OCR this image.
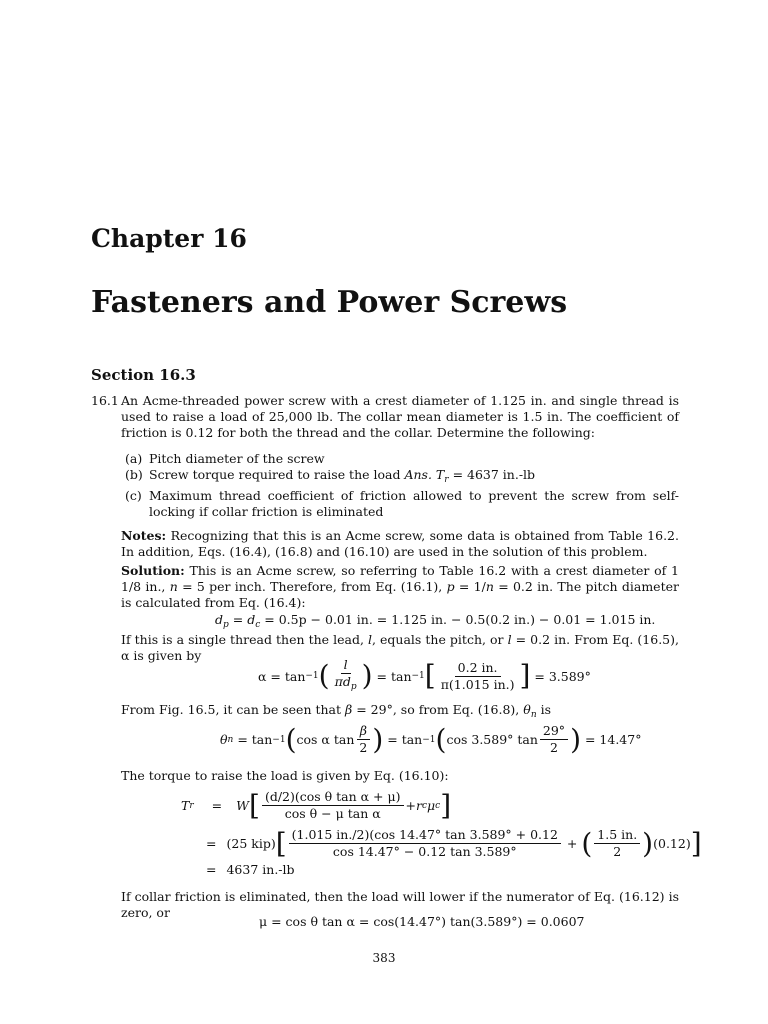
Chapter 16
Fasteners and Power Screws
Section 16.3
16.1 An Acme-threaded power screw with a crest diameter of 1.125 in. and single thread is used to raise a load of 25,000 lb. The collar mean diameter is 1.5 in. The coefficient of friction is 0.12 for both the thread and the collar. Determine the following:
(a) Pitch diameter of the screw
(b) Screw torque required to raise the load Ans. $T_r = 4637$ in.-lb
(c) Maximum thread coefficient of friction allowed to prevent the screw from self-locking if collar friction is eliminated
Notes: Recognizing that this is an Acme screw, some data is obtained from Table 16.2. In addition, Eqs. (16.4), (16.8) and (16.10) are used in the solution of this problem.
Solution: This is an Acme screw, so referring to Table 16.2 with a crest diameter of 1 1/8 in., n = 5 per inch. Therefore, from Eq. (16.1), p = 1/n = 0.2 in. The pitch diameter is calculated from Eq. (16.4):
$d_p = d_c = 0.5p - 0.01$ in. = 1.125 in. − 0.5(0.2 in.) − 0.01 = 1.015 in.
If this is a single thread then the lead, l, equals the pitch, or l = 0.2 in. From Eq. (16.5), α is given by
α = tan −1 ( $\frac{l}{\pi d_p}$ )
= tan −1 [ $\frac{0.2 in.}{\pi(1.015 in.)}$ ]
= 3.589°
From Fig. 16.5, it can be seen that β = 29°, so from Eq. (16.8), $\theta_n$ is
θ n
= tan −1 ( cos α $\tan \frac{\beta}{2}$ )
= tan −1 ( cos 3.589° $\tan \frac{29^\circ}{2}$ )
= 14.47°
The torque to raise the load is given by Eq. (16.10):
T r = W [ $\frac{\text{(d/2)(cos θ tan α + μ)}}{\text{cos θ − μ tan α}} + r$ c μ c ]
= (25 kip) [ $\frac{(1.015 in./2)(\cos 14.47^\circ \tan 3.589^\circ + 0.12}{\cos 14.47^\circ - 0.12 \tan 3.589^\circ}$ + ( $\frac{1.5 in.}{2}$ ) (0.12) ]
= 4637 in.-lb
If collar friction is eliminated, then the load will lower if the numerator of Eq. (16.12) is zero, or
μ = cos θ tan α = cos(14.47°) tan(3.589°) = 0.0607
383
